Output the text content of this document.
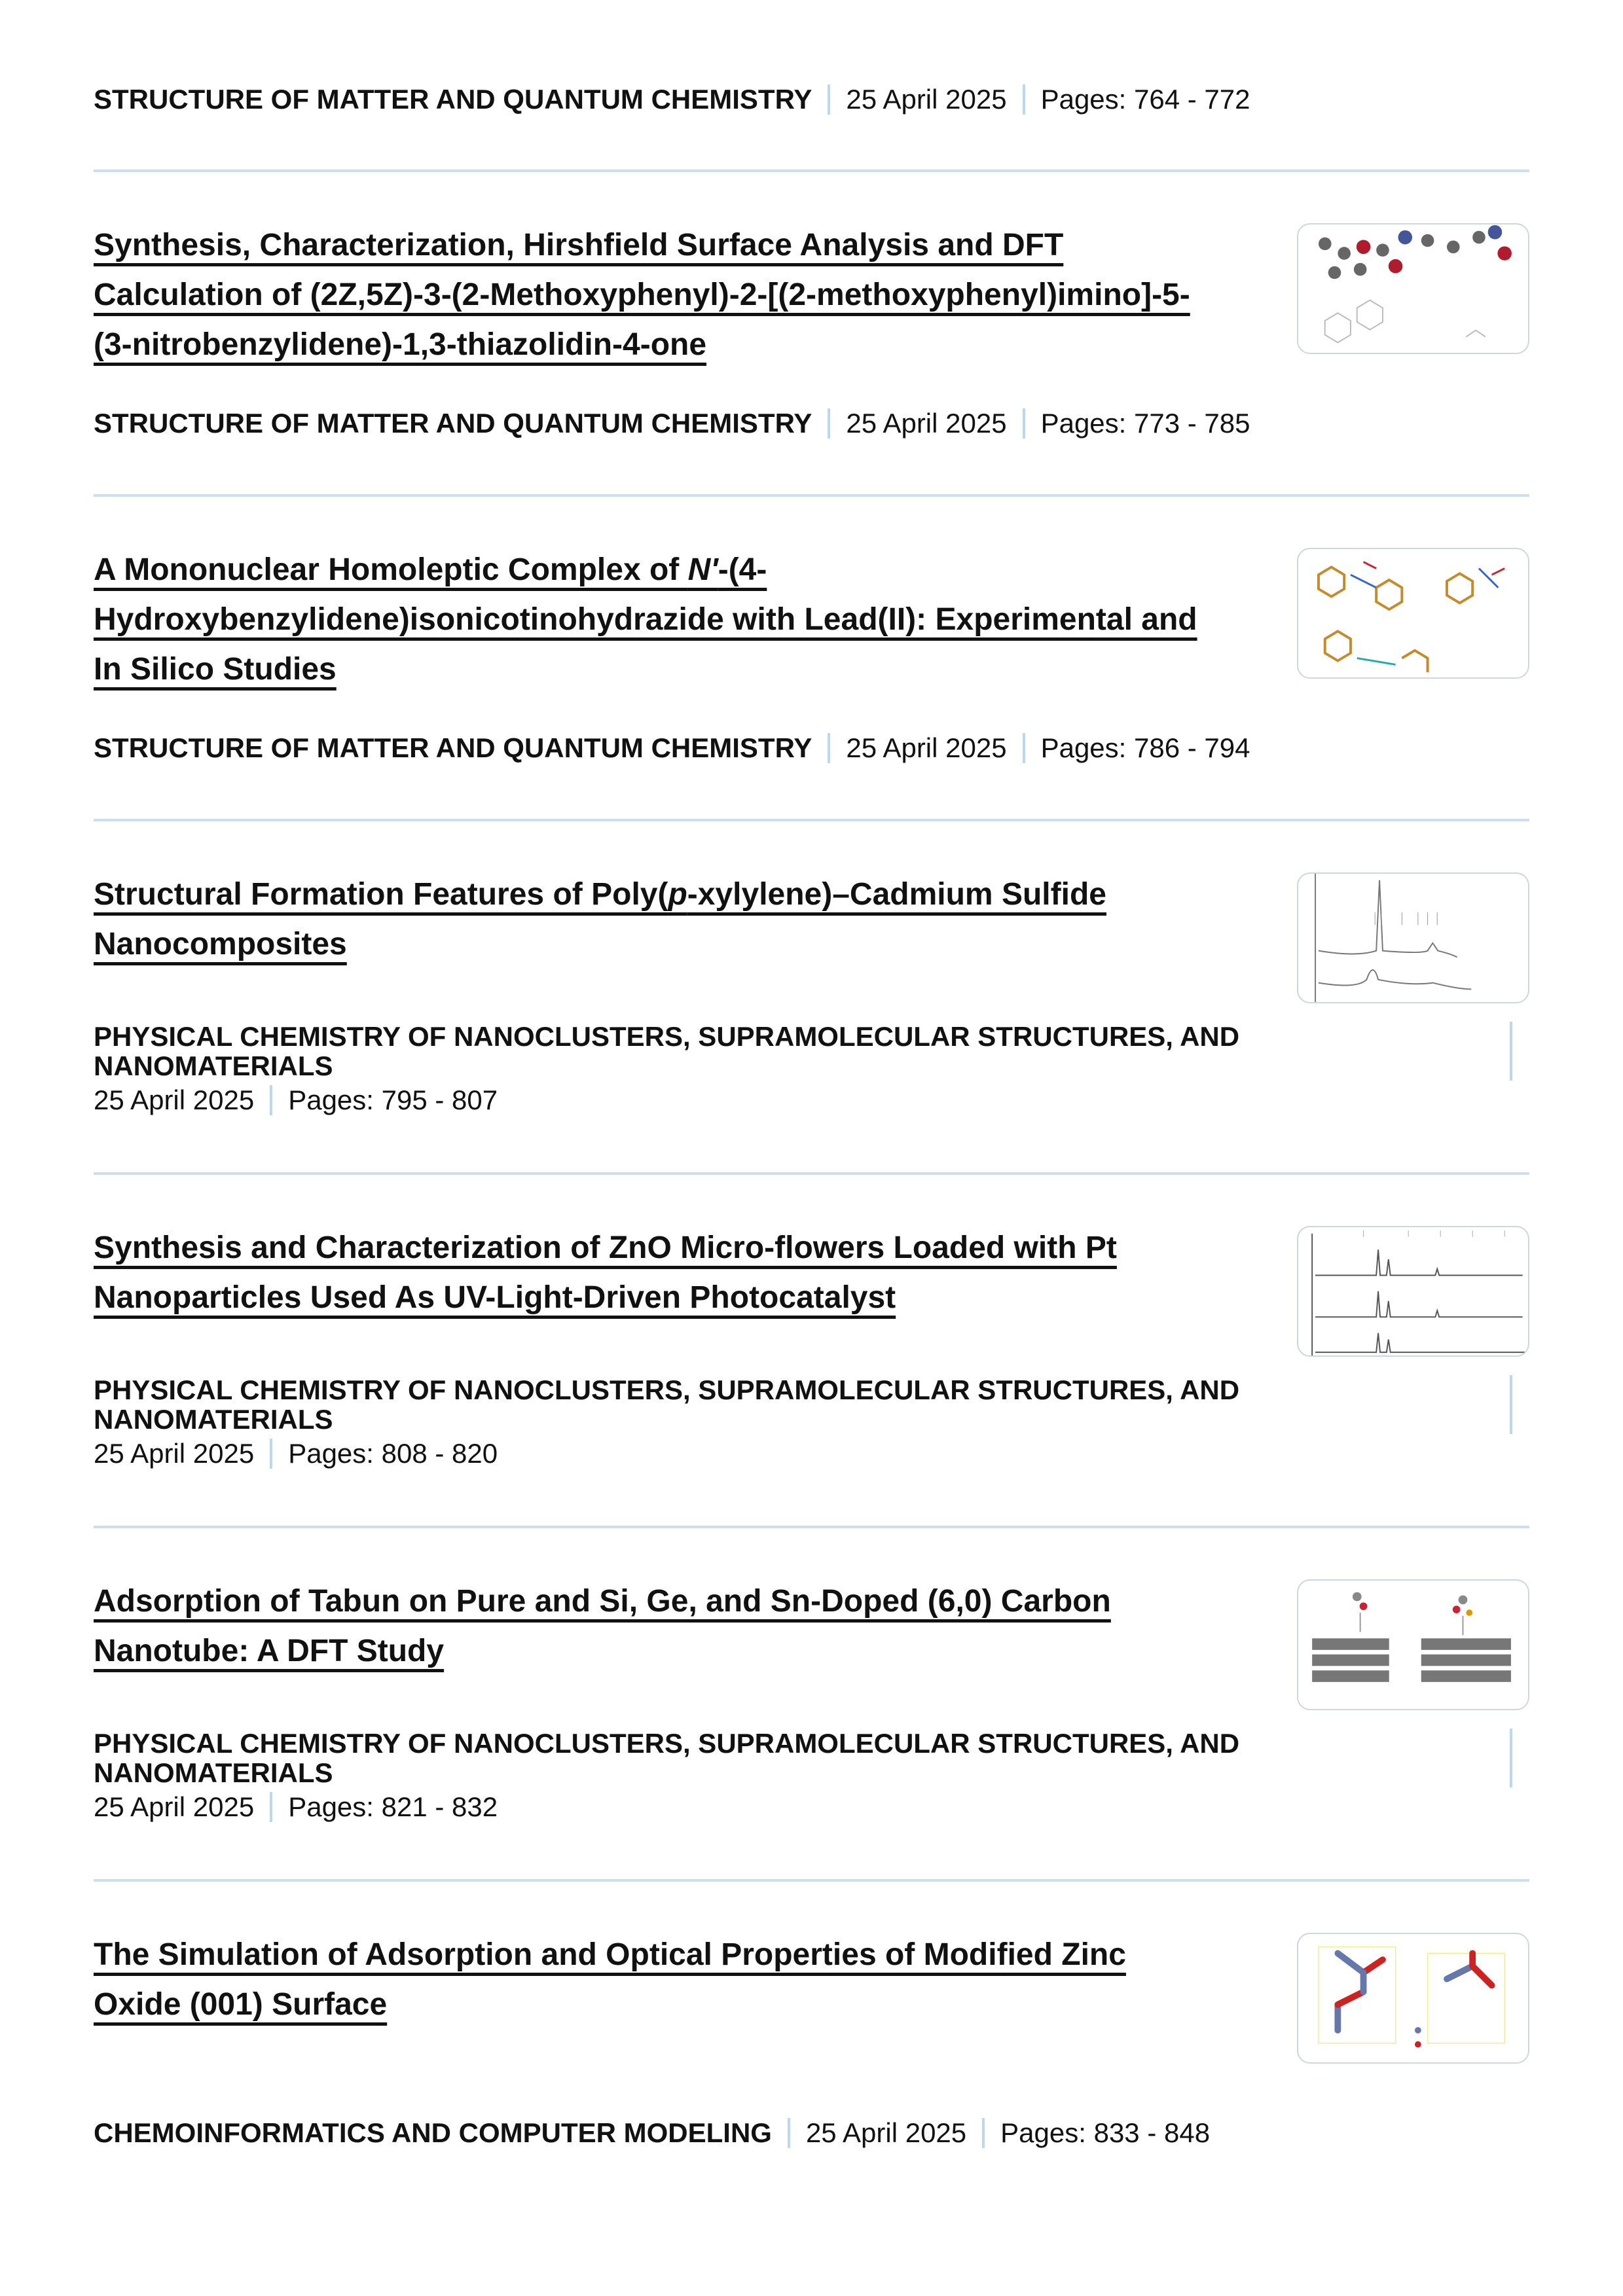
STRUCTURE OF MATTER AND QUANTUM CHEMISTRY 25 April 2025 Pages: 764 - 772
Synthesis, Characterization, Hirshfield Surface Analysis and DFT Calculation of (2Z,5Z)-3-(2-Methoxyphenyl)-2-[(2-methoxyphenyl)imino]-5-(3-nitrobenzylidene)-1,3-thiazolidin-4-one
STRUCTURE OF MATTER AND QUANTUM CHEMISTRY 25 April 2025 Pages: 773 - 785
A Mononuclear Homoleptic Complex of N'-(4-Hydroxybenzylidene)isonicotinohydrazide with Lead(II): Experimental and In Silico Studies
STRUCTURE OF MATTER AND QUANTUM CHEMISTRY 25 April 2025 Pages: 786 - 794
Structural Formation Features of Poly(p-xylylene)–Cadmium Sulfide Nanocomposites
PHYSICAL CHEMISTRY OF NANOCLUSTERS, SUPRAMOLECULAR STRUCTURES, AND NANOMATERIALS
25 April 2025 Pages: 795 - 807
Synthesis and Characterization of ZnO Micro-flowers Loaded with Pt Nanoparticles Used As UV-Light-Driven Photocatalyst
PHYSICAL CHEMISTRY OF NANOCLUSTERS, SUPRAMOLECULAR STRUCTURES, AND NANOMATERIALS
25 April 2025 Pages: 808 - 820
Adsorption of Tabun on Pure and Si, Ge, and Sn-Doped (6,0) Carbon Nanotube: A DFT Study
PHYSICAL CHEMISTRY OF NANOCLUSTERS, SUPRAMOLECULAR STRUCTURES, AND NANOMATERIALS
25 April 2025 Pages: 821 - 832
The Simulation of Adsorption and Optical Properties of Modified Zinc Oxide (001) Surface
CHEMOINFORMATICS AND COMPUTER MODELING 25 April 2025 Pages: 833 - 848
